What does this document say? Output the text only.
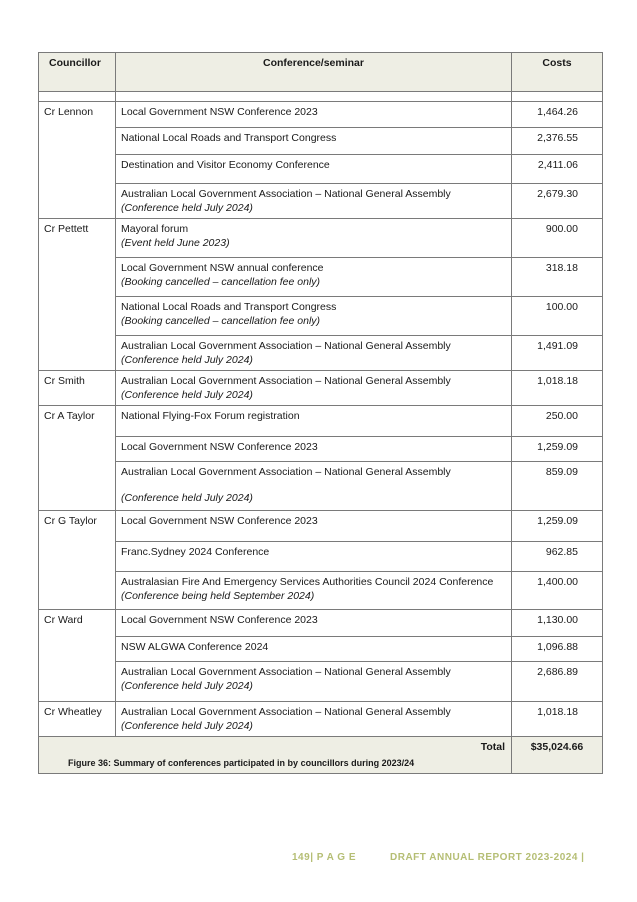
Councillor	Conference/seminar	Costs

Cr Lennon	Local Government NSW Conference 2023	1,464.26
	National Local Roads and Transport Congress	2,376.55
	Destination and Visitor Economy Conference	2,411.06
	Australian Local Government Association – National General Assembly
(Conference held July 2024)	2,679.30
Cr Pettett	Mayoral forum
(Event held June 2023)	900.00
	Local Government NSW annual conference
(Booking cancelled – cancellation fee only)	318.18
	National Local Roads and Transport Congress
(Booking cancelled – cancellation fee only)	100.00
	Australian Local Government Association – National General Assembly
(Conference held July 2024)	1,491.09
Cr Smith	Australian Local Government Association – National General Assembly
(Conference held July 2024)	1,018.18
Cr A Taylor	National Flying-Fox Forum registration	250.00
	Local Government NSW Conference 2023	1,259.09
	Australian Local Government Association – National General Assembly
(Conference held July 2024)	859.09
Cr G Taylor	Local Government NSW Conference 2023	1,259.09
	Franc.Sydney 2024 Conference	962.85
	Australasian Fire And Emergency Services Authorities Council 2024 Conference
(Conference being held September 2024)	1,400.00
Cr Ward	Local Government NSW Conference 2023	1,130.00
	NSW ALGWA Conference 2024	1,096.88
	Australian Local Government Association – National General Assembly
(Conference held July 2024)	2,686.89
Cr Wheatley	Australian Local Government Association – National General Assembly
(Conference held July 2024)	1,018.18
Total		$35,024.66
Figure 36: Summary of conferences participated in by councillors during 2023/24
149| P A G E	DRAFT ANNUAL REPORT 2023-2024 |
